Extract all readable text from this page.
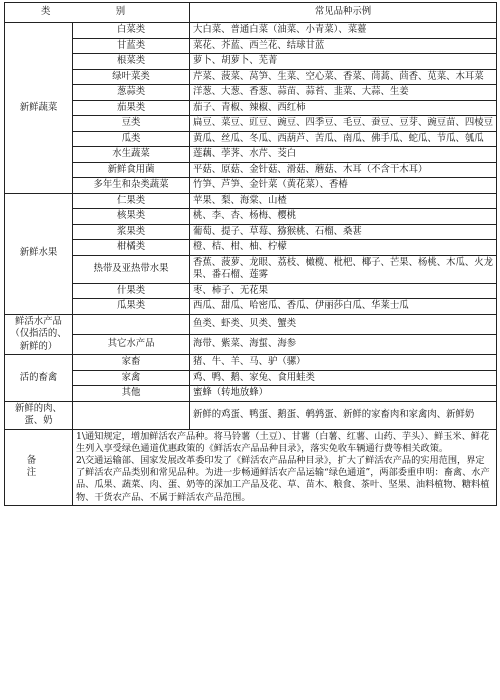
类　别		常见品种示例
新鲜蔬菜	白菜类	大白菜、普通白菜（油菜、小青菜）、菜薹
	甘蓝类	菜花、芥蓝、西兰花、结球甘蓝
	根菜类	萝卜、胡萝卜、芜菁
	绿叶菜类	芹菜、菠菜、莴笋、生菜、空心菜、香菜、茼蒿、茴香、苋菜、木耳菜
	葱蒜类	洋葱、大葱、香葱、蒜苗、蒜苔、韭菜、大蒜、生姜
	茄果类	茄子、青椒、辣椒、西红柿
	豆类	扁豆、菜豆、豇豆、豌豆、四季豆、毛豆、蚕豆、豆芽、豌豆苗、四棱豆
	瓜类	黄瓜、丝瓜、冬瓜、西葫芦、苦瓜、南瓜、佛手瓜、蛇瓜、节瓜、瓠瓜
	水生蔬菜	莲藕、荸荠、水芹、茭白
	新鲜食用菌	平菇、原菇、金针菇、滑菇、蘑菇、木耳（不含干木耳）
	多年生和杂类蔬菜	竹笋、芦笋、金针菜（黄花菜）、香椿
新鲜水果	仁果类	苹果、梨、海棠、山楂
	核果类	桃、李、杏、杨梅、樱桃
	浆果类	葡萄、提子、草莓、猕猴桃、石榴、桑葚
	柑橘类	橙、桔、柑、柚、柠檬
	热带及亚热带水果	香蕉、菠萝、龙眼、荔枝、橄榄、枇杷、椰子、芒果、杨桃、木瓜、火龙果、番石榴、莲雾
	什果类	枣、柿子、无花果
	瓜果类	西瓜、甜瓜、哈密瓜、香瓜、伊丽莎白瓜、华莱士瓜
鲜活水产品（仅指活的、新鲜的）		鱼类、虾类、贝类、蟹类
	其它水产品	海带、紫菜、海蜇、海参
活的畜禽	家畜	猪、牛、羊、马、驴（骡）
	家禽	鸡、鸭、鹅、家兔、食用蛙类
	其他	蜜蜂（转地放蜂）
新鲜的肉、蛋、奶		新鲜的鸡蛋、鸭蛋、鹅蛋、鹌鹑蛋、新鲜的家畜肉和家禽肉、新鲜奶
备　注	1\通知规定，增加鲜活农产品种。将马铃薯（土豆）、甘薯（白薯、红薯、山药、芋头）、鲜玉米、鲜花生列入享受绿色通道优惠政策的《鲜活农产品品种目录》，落实免收车辆通行费等相关政策。
2\交通运输部、国家发展改革委印发了《鲜活农产品品种目录》，扩大了鲜活农产品的实用范围，界定了鲜活农产品类别和常见品种。为进一步畅通鲜活农产品运输“绿色通道”，两部委重申明：畜禽、水产品、瓜果、蔬菜、肉、蛋、奶等的深加工产品及花、草、苗木、粮食、茶叶、坚果、油料植物、糖料植物、干货农产品、不属于鲜活农产品范围。	
